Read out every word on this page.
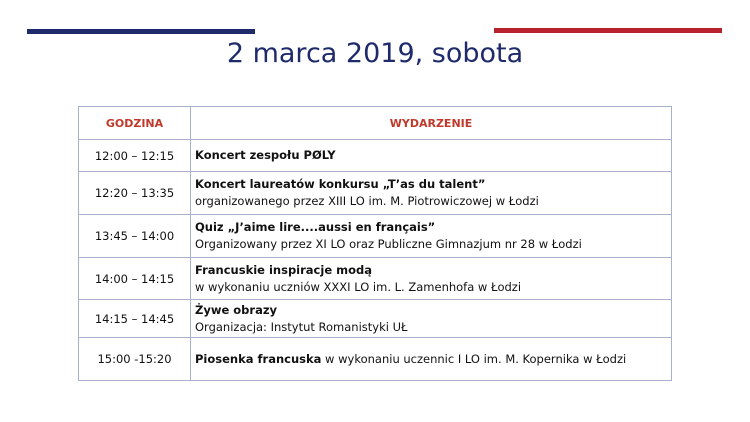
2 marca 2019, sobota
GODZINA	WYDARZENIE
12:00 – 12:15	Koncert zespołu PØLY
12:20 – 13:35	Koncert laureatów konkursu „T’as du talent”
organizowanego przez XIII LO im. M. Piotrowiczowej w Łodzi

13:45 – 14:00	Quiz „J’aime lire....aussi en français”
Organizowany przez XI LO oraz Publiczne Gimnazjum nr 28 w Łodzi

14:00 – 14:15	Francuskie inspiracje modą
w wykonaniu uczniów XXXI LO im. L. Zamenhofa w Łodzi

14:15 – 14:45	Żywe obrazy
Organizacja: Instytut Romanistyki UŁ

15:00 -15:20	Piosenka francuska w wykonaniu uczennic I LO im. M. Kopernika w Łodzi
